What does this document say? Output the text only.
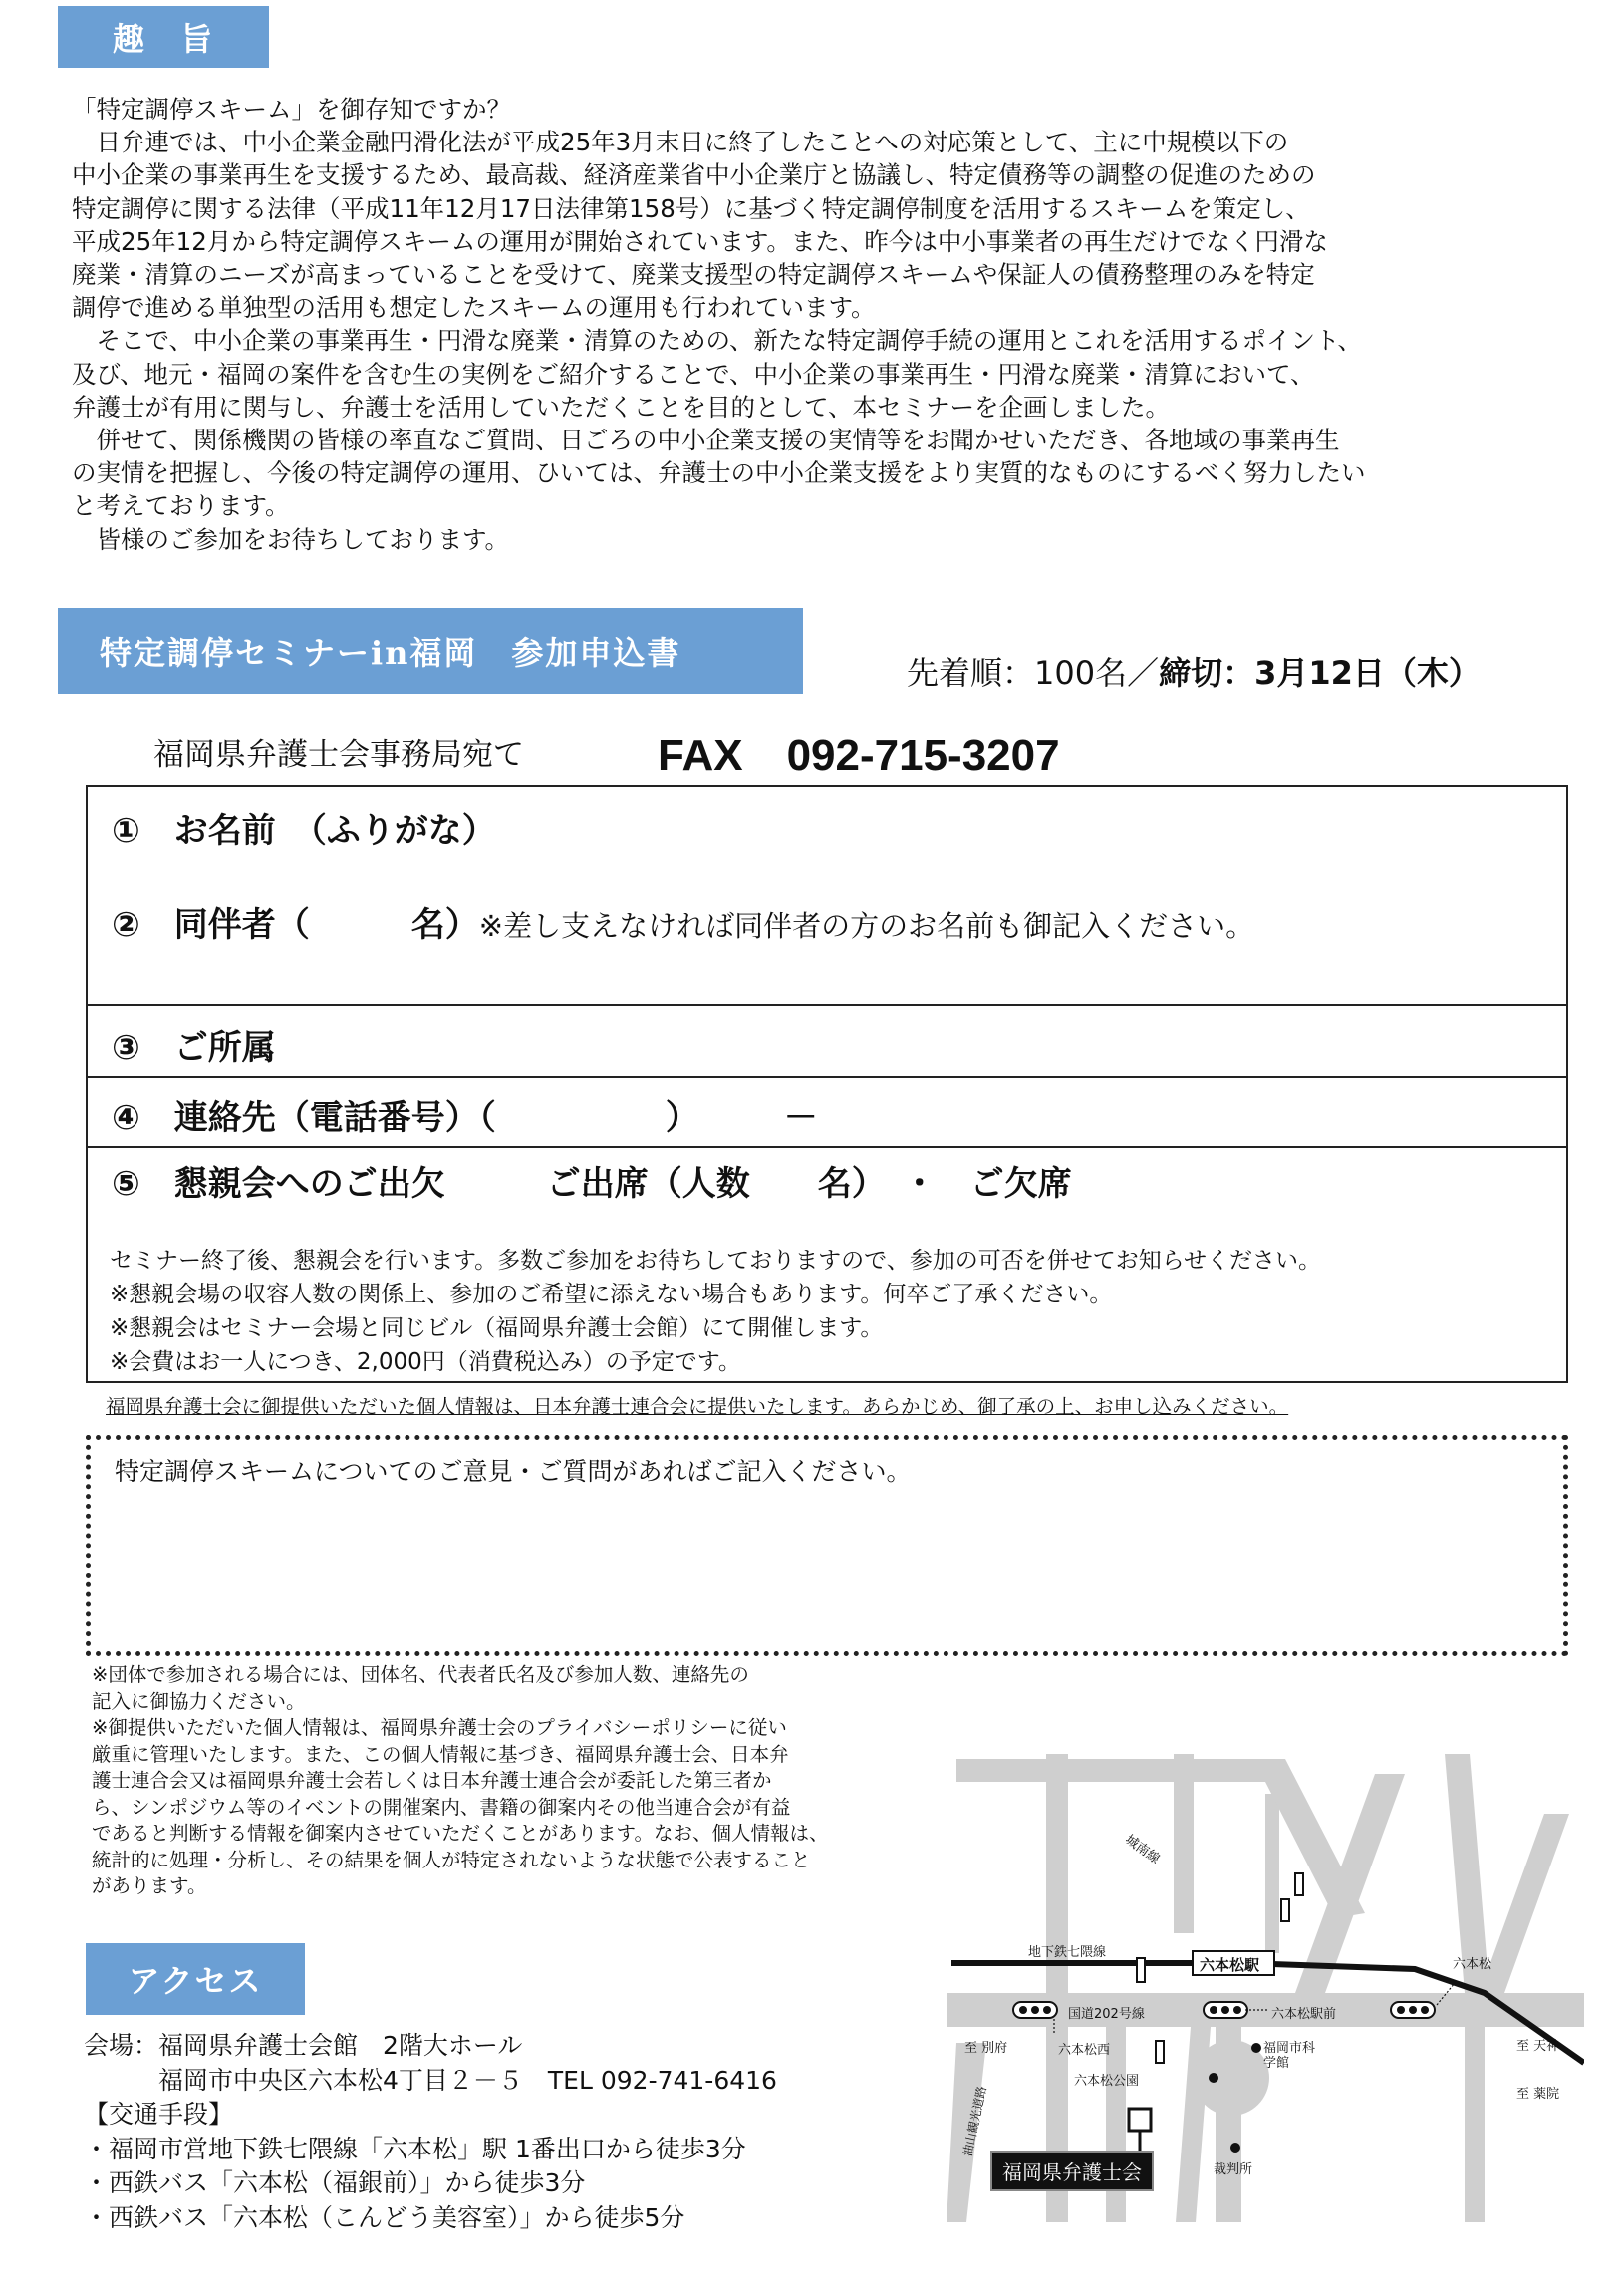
趣　旨
「特定調停スキーム」を御存知ですか？
　日弁連では、中小企業金融円滑化法が平成25年3月末日に終了したことへの対応策として、主に中規模以下の
中小企業の事業再生を支援するため、最高裁、経済産業省中小企業庁と協議し、特定債務等の調整の促進のための
特定調停に関する法律（平成11年12月17日法律第158号）に基づく特定調停制度を活用するスキームを策定し、
平成25年12月から特定調停スキームの運用が開始されています。また、昨今は中小事業者の再生だけでなく円滑な
廃業・清算のニーズが高まっていることを受けて、廃業支援型の特定調停スキームや保証人の債務整理のみを特定
調停で進める単独型の活用も想定したスキームの運用も行われています。
　そこで、中小企業の事業再生・円滑な廃業・清算のための、新たな特定調停手続の運用とこれを活用するポイント、
及び、地元・福岡の案件を含む生の実例をご紹介することで、中小企業の事業再生・円滑な廃業・清算において、
弁護士が有用に関与し、弁護士を活用していただくことを目的として、本セミナーを企画しました。
　併せて、関係機関の皆様の率直なご質問、日ごろの中小企業支援の実情等をお聞かせいただき、各地域の事業再生
の実情を把握し、今後の特定調停の運用、ひいては、弁護士の中小企業支援をより実質的なものにするべく努力したい
と考えております。
　皆様のご参加をお待ちしております。
特定調停セミナーin福岡　参加申込書
先着順：100名／締切：3月12日（木）
福岡県弁護士会事務局宛て	FAX　092-715-3207
①　お名前　（ふりがな）
②　同伴者（　　　名）※差し支えなければ同伴者の方のお名前も御記入ください。
③　ご所属
④　連絡先（電話番号）（　　　　　）　　　－
⑤　懇親会へのご出欠　　　ご出席（人数　　名）　・　ご欠席
セミナー終了後、懇親会を行います。多数ご参加をお待ちしておりますので、参加の可否を併せてお知らせください。
※懇親会場の収容人数の関係上、参加のご希望に添えない場合もあります。何卒ご了承ください。
※懇親会はセミナー会場と同じビル（福岡県弁護士会館）にて開催します。
※会費はお一人につき、2,000円（消費税込み）の予定です。
福岡県弁護士会に御提供いただいた個人情報は、日本弁護士連合会に提供いたします。あらかじめ、御了承の上、お申し込みください。
特定調停スキームについてのご意見・ご質問があればご記入ください。
※団体で参加される場合には、団体名、代表者氏名及び参加人数、連絡先の
記入に御協力ください。
※御提供いただいた個人情報は、福岡県弁護士会のプライバシーポリシーに従い
厳重に管理いたします。また、この個人情報に基づき、福岡県弁護士会、日本弁
護士連合会又は福岡県弁護士会若しくは日本弁護士連合会が委託した第三者か
ら、シンポジウム等のイベントの開催案内、書籍の御案内その他当連合会が有益
であると判断する情報を御案内させていただくことがあります。なお、個人情報は、
統計的に処理・分析し、その結果を個人が特定されないような状態で公表すること
があります。
アクセス
会場：福岡県弁護士会館　2階大ホール
　　　福岡市中央区六本松4丁目２－５　TEL 092-741-6416
【交通手段】
・福岡市営地下鉄七隈線「六本松」駅 1番出口から徒歩3分
・西鉄バス「六本松（福銀前）」から徒歩3分
・西鉄バス「六本松（こんどう美容室）」から徒歩5分
城南線
地下鉄七隈線
六本松駅	六本松
国道202号線	六本松駅前
至 別府	六本松西	福岡市科学館
至 天神
至 薬院
油山観光道路
六本松公園
裁判所
福岡県弁護士会
